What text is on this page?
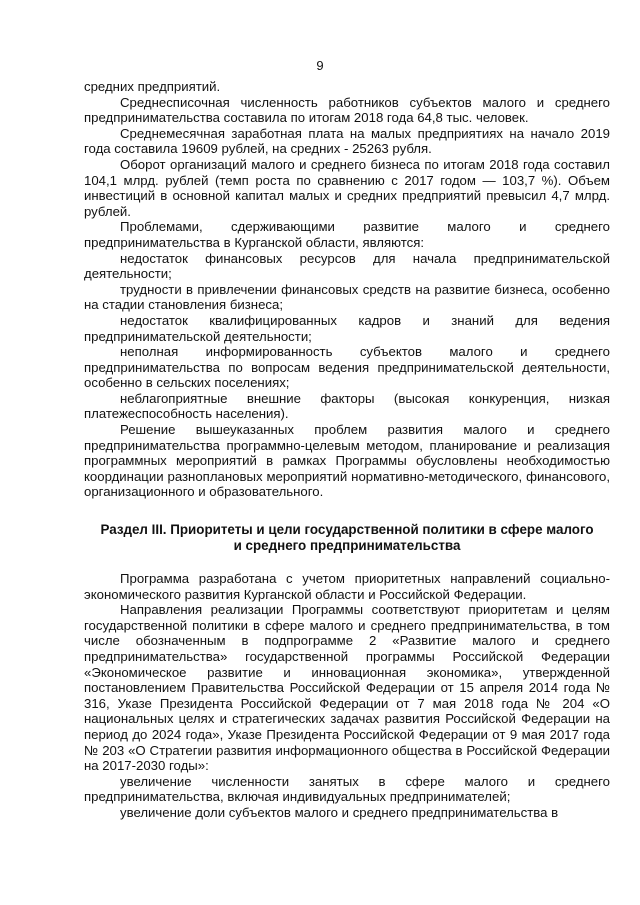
9

средних предприятий.

Среднесписочная численность работников субъектов малого и среднего предпринимательства составила по итогам 2018 года 64,8 тыс. человек.

Среднемесячная заработная плата на малых предприятиях на начало 2019 года составила 19609 рублей, на средних - 25263 рубля.

Оборот организаций малого и среднего бизнеса по итогам 2018 года составил 104,1 млрд. рублей (темп роста по сравнению с 2017 годом — 103,7 %). Объем инвестиций в основной капитал малых и средних предприятий превысил 4,7 млрд. рублей.

Проблемами, сдерживающими развитие малого и среднего предпринимательства в Курганской области, являются:

недостаток финансовых ресурсов для начала предпринимательской деятельности;

трудности в привлечении финансовых средств на развитие бизнеса, особенно на стадии становления бизнеса;

недостаток квалифицированных кадров и знаний для ведения предпринимательской деятельности;

неполная информированность субъектов малого и среднего предпринимательства по вопросам ведения предпринимательской деятельности, особенно в сельских поселениях;

неблагоприятные внешние факторы (высокая конкуренция, низкая платежеспособность населения).

Решение вышеуказанных проблем развития малого и среднего предпринимательства программно-целевым методом, планирование и реализация программных мероприятий в рамках Программы обусловлены необходимостью координации разноплановых мероприятий нормативно-методического, финансового, организационного и образовательного.

Раздел III. Приоритеты и цели государственной политики в сфере малого и среднего предпринимательства

Программа разработана с учетом приоритетных направлений социально-экономического развития Курганской области и Российской Федерации.

Направления реализации Программы соответствуют приоритетам и целям государственной политики в сфере малого и среднего предпринимательства, в том числе обозначенным в подпрограмме 2 «Развитие малого и среднего предпринимательства» государственной программы Российской Федерации «Экономическое развитие и инновационная экономика», утвержденной постановлением Правительства Российской Федерации от 15 апреля 2014 года № 316, Указе Президента Российской Федерации от 7 мая 2018 года № 204 «О национальных целях и стратегических задачах развития Российской Федерации на период до 2024 года», Указе Президента Российской Федерации от 9 мая 2017 года № 203 «О Стратегии развития информационного общества в Российской Федерации на 2017-2030 годы»:

увеличение численности занятых в сфере малого и среднего предпринимательства, включая индивидуальных предпринимателей;

увеличение доли субъектов малого и среднего предпринимательства в
